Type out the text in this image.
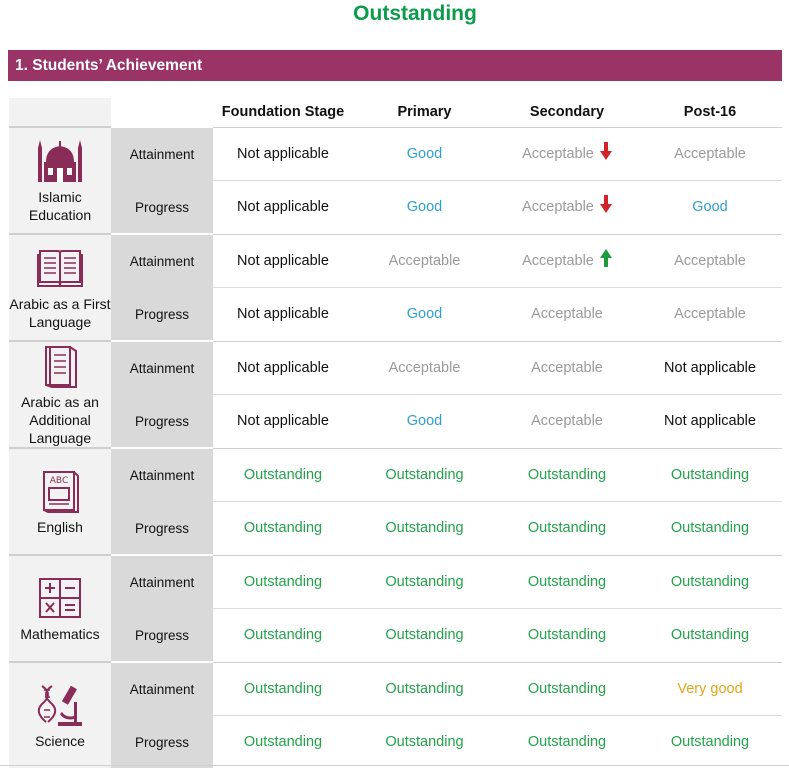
Outstanding
1. Students’ Achievement
		Foundation Stage	Primary	Secondary	Post-16

Islamic Education	Attainment	Not applicable	Good	Acceptable	Acceptable
	Progress	Not applicable	Good	Acceptable	Good

Arabic as a First Language	Attainment	Not applicable	Acceptable	Acceptable	Acceptable
	Progress	Not applicable	Good	Acceptable	Acceptable

Arabic as an Additional Language	Attainment	Not applicable	Acceptable	Acceptable	Not applicable
	Progress	Not applicable	Good	Acceptable	Not applicable

ABC
English	Attainment	Outstanding	Outstanding	Outstanding	Outstanding
	Progress	Outstanding	Outstanding	Outstanding	Outstanding

Mathematics	Attainment	Outstanding	Outstanding	Outstanding	Outstanding
	Progress	Outstanding	Outstanding	Outstanding	Outstanding

Science	Attainment	Outstanding	Outstanding	Outstanding	Very good
	Progress	Outstanding	Outstanding	Outstanding	Outstanding
